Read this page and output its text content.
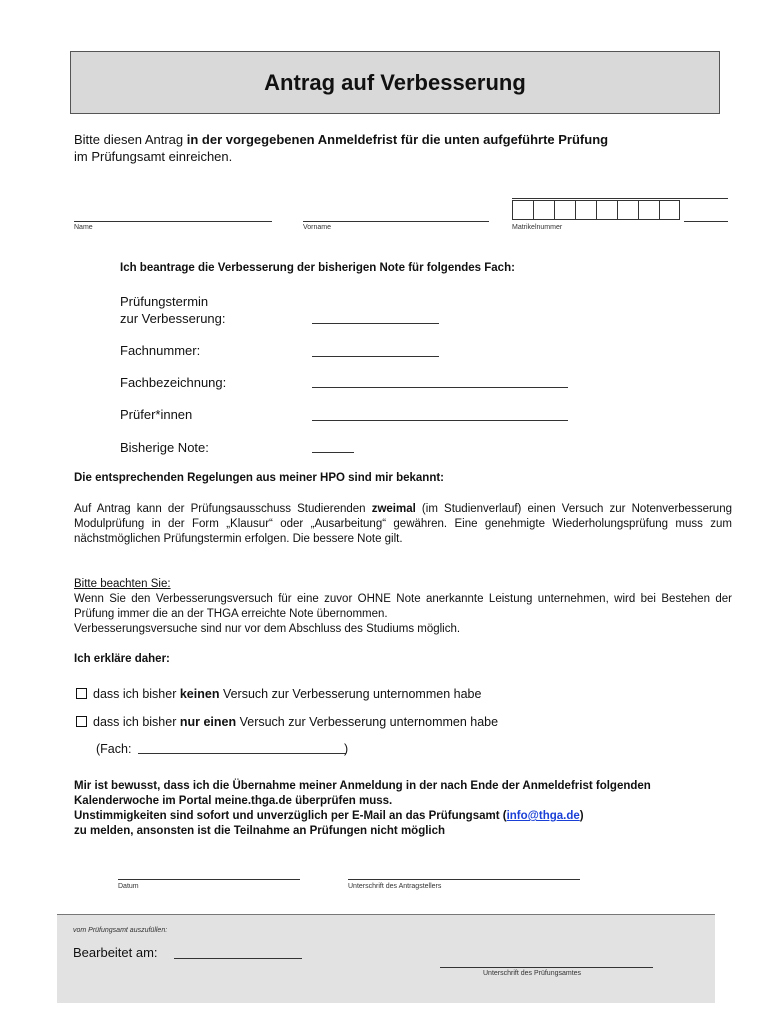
Antrag auf Verbesserung
Bitte diesen Antrag in der vorgegebenen Anmeldefrist für die unten aufgeführte Prüfung
im Prüfungsamt einreichen.
Name	Vorname	Matrikelnummer
Ich beantrage die Verbesserung der bisherigen Note für folgendes Fach:
Prüfungstermin
zur Verbesserung:
Fachnummer:
Fachbezeichnung:
Prüfer*innen
Bisherige Note:
Die entsprechenden Regelungen aus meiner HPO sind mir bekannt:
Auf Antrag kann der Prüfungsausschuss Studierenden zweimal (im Studienverlauf) einen Versuch zur Notenverbesserung Modulprüfung in der Form „Klausur“ oder „Ausarbeitung“ gewähren. Eine genehmigte Wiederholungsprüfung muss zum nächstmöglichen Prüfungstermin erfolgen. Die bessere Note gilt.
Bitte beachten Sie:
Wenn Sie den Verbesserungsversuch für eine zuvor OHNE Note anerkannte Leistung unternehmen, wird bei Bestehen der Prüfung immer die an der THGA erreichte Note übernommen.
Verbesserungsversuche sind nur vor dem Abschluss des Studiums möglich.
Ich erkläre daher:
dass ich bisher keinen Versuch zur Verbesserung unternommen habe
dass ich bisher nur einen Versuch zur Verbesserung unternommen habe
(Fach:	)
Mir ist bewusst, dass ich die Übernahme meiner Anmeldung in der nach Ende der Anmeldefrist folgenden Kalenderwoche im Portal meine.thga.de überprüfen muss.
Unstimmigkeiten sind sofort und unverzüglich per E-Mail an das Prüfungsamt (info@thga.de)
zu melden, ansonsten ist die Teilnahme an Prüfungen nicht möglich
Datum	Unterschrift des Antragstellers
vom Prüfungsamt auszufüllen:
Bearbeitet am:
Unterschrift des Prüfungsamtes
